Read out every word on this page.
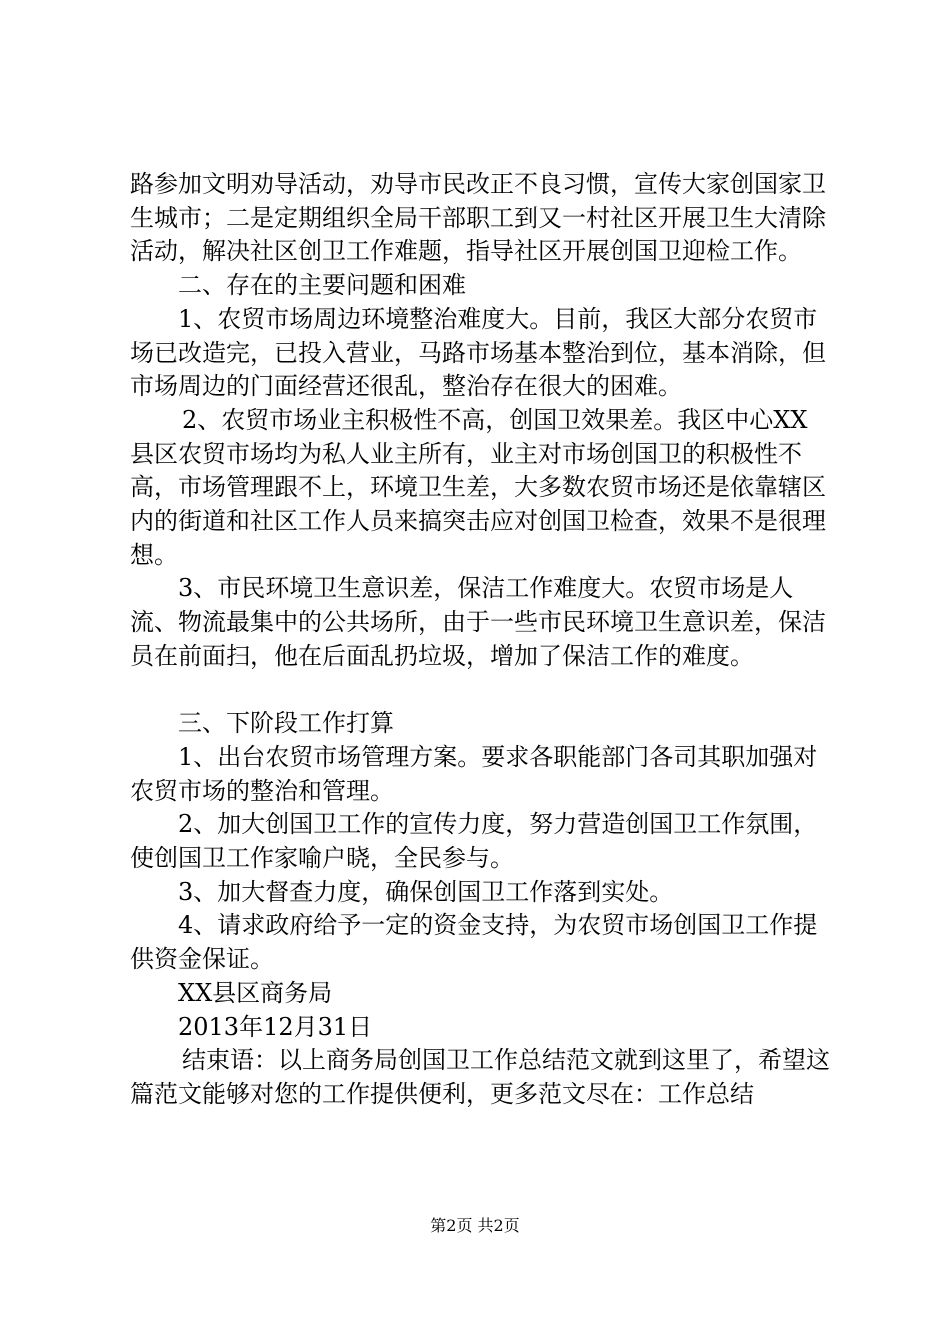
路参加文明劝导活动，劝导市民改正不良习惯，宣传大家创国家卫生城市；二是定期组织全局干部职工到又一村社区开展卫生大清除活动，解决社区创卫工作难题，指导社区开展创国卫迎检工作。

二、存在的主要问题和困难

1、农贸市场周边环境整治难度大。目前，我区大部分农贸市场已改造完，已投入营业，马路市场基本整治到位，基本消除，但市场周边的门面经营还很乱，整治存在很大的困难。

2、农贸市场业主积极性不高，创国卫效果差。我区中心XX县区农贸市场均为私人业主所有，业主对市场创国卫的积极性不高，市场管理跟不上，环境卫生差，大多数农贸市场还是依靠辖区内的街道和社区工作人员来搞突击应对创国卫检查，效果不是很理想。

3、市民环境卫生意识差，保洁工作难度大。农贸市场是人流、物流最集中的公共场所，由于一些市民环境卫生意识差，保洁员在前面扫，他在后面乱扔垃圾，增加了保洁工作的难度。

三、下阶段工作打算

1、出台农贸市场管理方案。要求各职能部门各司其职加强对农贸市场的整治和管理。

2、加大创国卫工作的宣传力度，努力营造创国卫工作氛围，使创国卫工作家喻户晓，全民参与。

3、加大督查力度，确保创国卫工作落到实处。

4、请求政府给予一定的资金支持，为农贸市场创国卫工作提供资金保证。

XX县区商务局

2013年12月31日

结束语：以上商务局创国卫工作总结范文就到这里了，希望这篇范文能够对您的工作提供便利，更多范文尽在：工作总结

第2页 共2页
